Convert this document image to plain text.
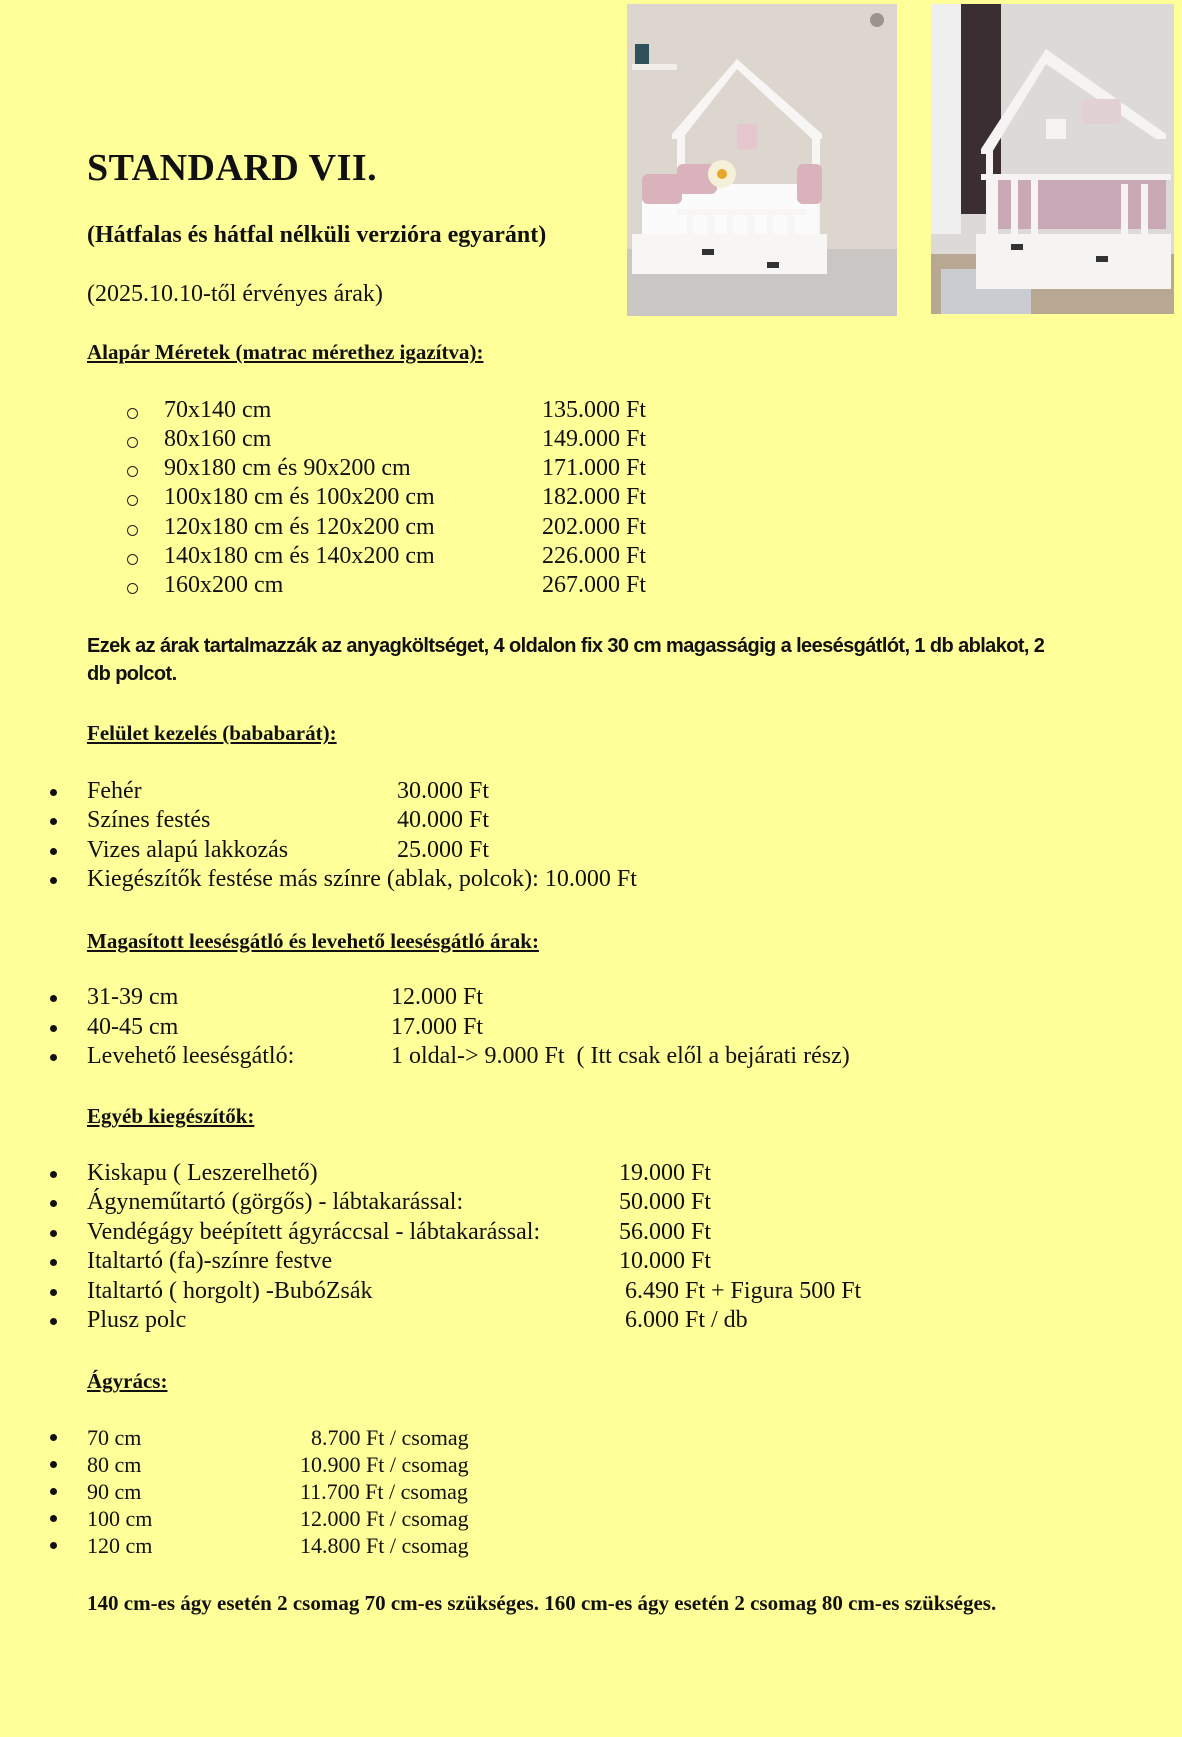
STANDARD VII.
(Hátfalas és hátfal nélküli verzióra egyaránt)
(2025.10.10-től érvényes árak)
Alapár Méretek (matrac mérethez igazítva):
70x140 cm	135.000 Ft
80x160 cm	149.000 Ft
90x180 cm és 90x200 cm	171.000 Ft
100x180 cm és 100x200 cm	182.000 Ft
120x180 cm és 120x200 cm	202.000 Ft
140x180 cm és 140x200 cm	226.000 Ft
160x200 cm	267.000 Ft
Ezek az árak tartalmazzák az anyagköltséget, 4 oldalon fix 30 cm magasságig a leesésgátlót, 1 db ablakot, 2 db polcot.
Felület kezelés (bababarát):
Fehér	30.000 Ft
Színes festés	40.000 Ft
Vizes alapú lakkozás	25.000 Ft
Kiegészítők festése más színre (ablak, polcok): 10.000 Ft
Magasított leesésgátló és levehető leesésgátló árak:
31-39 cm	12.000 Ft
40-45 cm	17.000 Ft
Levehető leesésgátló:	1 oldal-> 9.000 Ft  ( Itt csak elől a bejárati rész)
Egyéb kiegészítők:
Kiskapu ( Leszerelhető)	19.000 Ft
Ágyneműtartó (görgős) - lábtakarással:	50.000 Ft
Vendégágy beépített ágyráccsal - lábtakarással:	56.000 Ft
Italtartó (fa)-színre festve	10.000 Ft
Italtartó ( horgolt) -BubóZsák	6.490 Ft + Figura 500 Ft
Plusz polc	6.000 Ft / db
Ágyrács:
70 cm	8.700 Ft / csomag
80 cm	10.900 Ft / csomag
90 cm	11.700 Ft / csomag
100 cm	12.000 Ft / csomag
120 cm	14.800 Ft / csomag
140 cm-es ágy esetén 2 csomag 70 cm-es szükséges. 160 cm-es ágy esetén 2 csomag 80 cm-es szükséges.
